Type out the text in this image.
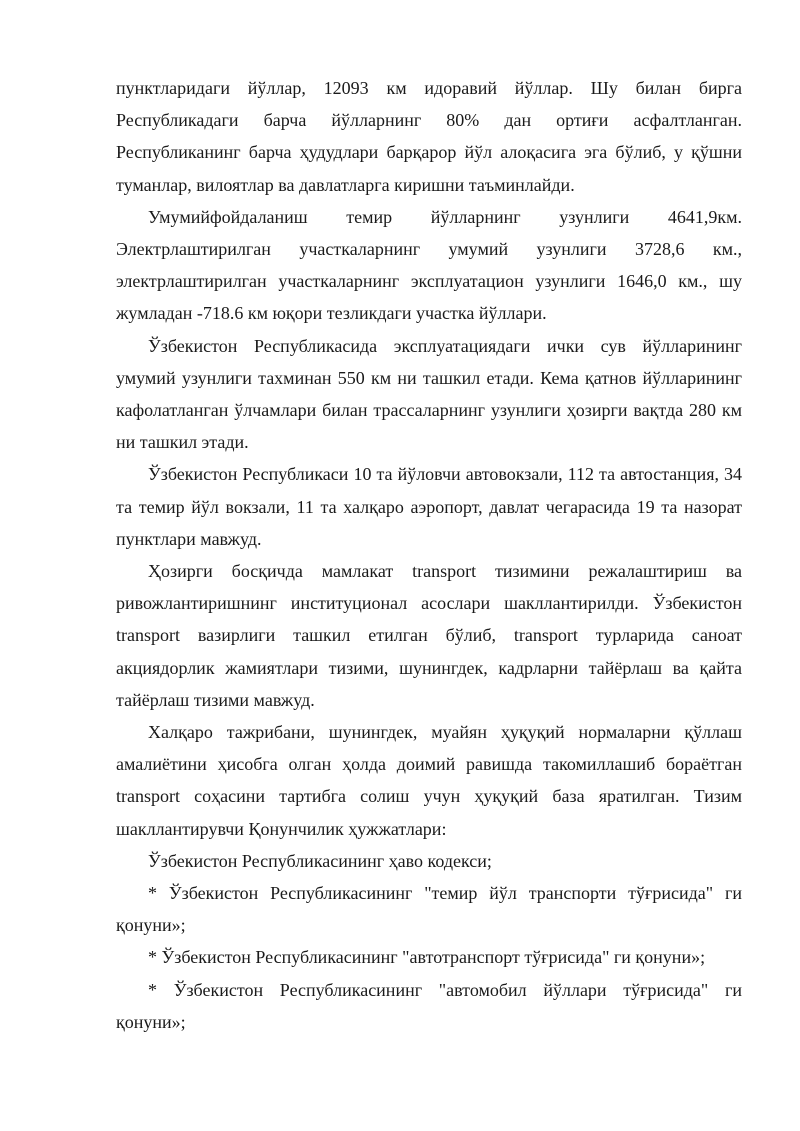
пунктларидаги йўллар, 12093 км идоравий йўллар. Шу билан бирга Республикадаги барча йўлларнинг 80% дан ортиғи асфалтланган. Республиканинг барча ҳудудлари барқарор йўл алоқасига эга бўлиб, у қўшни туманлар, вилоятлар ва давлатларга киришни таъминлайди.

Умумийфойдаланиш темир йўлларнинг узунлиги 4641,9км. Электрлаштирилган участкаларнинг умумий узунлиги 3728,6 км., электрлаштирилган участкаларнинг эксплуатацион узунлиги 1646,0 км., шу жумладан -718.6 км юқори тезликдаги участка йўллари.

Ўзбекистон Республикасида эксплуатациядаги ички сув йўлларининг умумий узунлиги тахминан 550 км ни ташкил етади. Кема қатнов йўлларининг кафолатланган ўлчамлари билан трассаларнинг узунлиги ҳозирги вақтда 280 км ни ташкил этади.

Ўзбекистон Республикаси 10 та йўловчи автовокзали, 112 та автостанция, 34 та темир йўл вокзали, 11 та халқаро аэропорт, давлат чегарасида 19 та назорат пунктлари мавжуд.

Ҳозирги босқичда мамлакат transport тизимини режалаштириш ва ривожлантиришнинг институционал асослари шакллантирилди. Ўзбекистон transport вазирлиги ташкил етилган бўлиб, transport турларида саноат акциядорлик жамиятлари тизими, шунингдек, кадрларни тайёрлаш ва қайта тайёрлаш тизими мавжуд.

Халқаро тажрибани, шунингдек, муайян ҳуқуқий нормаларни қўллаш амалиётини ҳисобга олган ҳолда доимий равишда такомиллашиб бораётган transport соҳасини тартибга солиш учун ҳуқуқий база яратилган. Тизим шакллантирувчи Қонунчилик ҳужжатлари:

Ўзбекистон Республикасининг ҳаво кодекси;

* Ўзбекистон Республикасининг "темир йўл транспорти тўғрисида" ги қонуни»;

* Ўзбекистон Республикасининг "автотранспорт тўғрисида" ги қонуни»;

* Ўзбекистон Республикасининг "автомобил йўллари тўғрисида" ги қонуни»;
